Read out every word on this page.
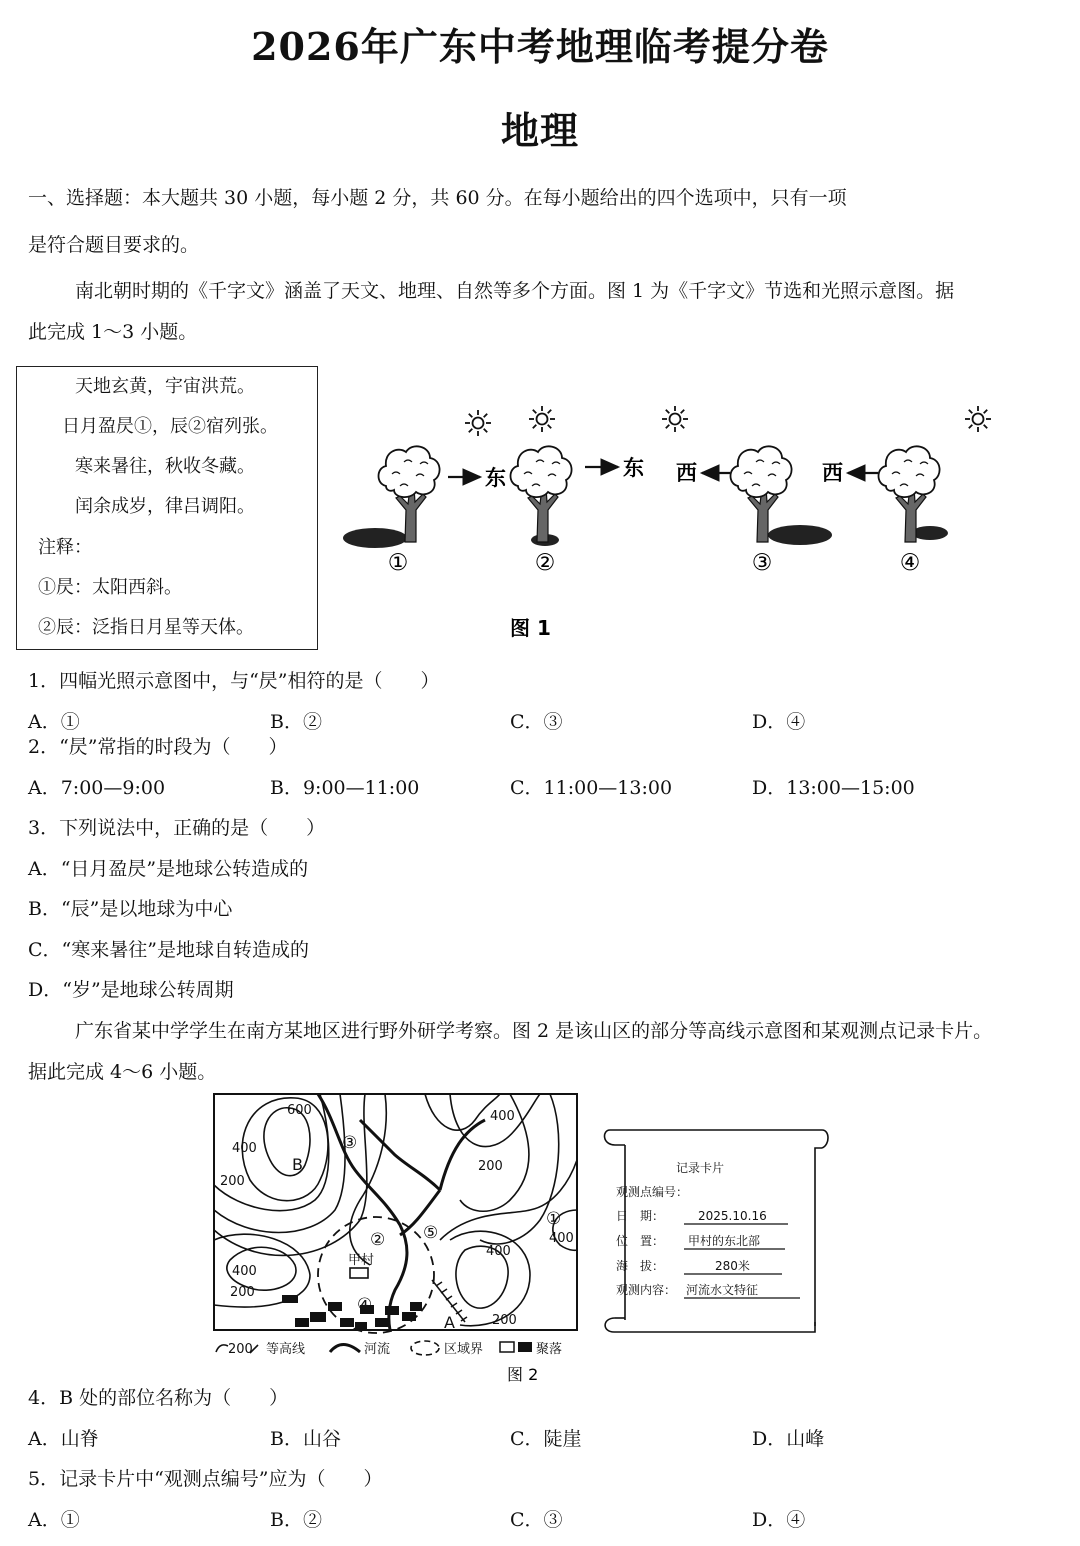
2026年广东中考地理临考提分卷
地理
一、选择题：本大题共 30 小题，每小题 2 分，共 60 分。在每小题给出的四个选项中，只有一项
是符合题目要求的。
南北朝时期的《千字文》涵盖了天文、地理、自然等多个方面。图 1 为《千字文》节选和光照示意图。据
此完成 1～3 小题。
天地玄黄，宇宙洪荒。
日月盈昃①，辰②宿列张。
寒来暑往，秋收冬藏。
闰余成岁，律吕调阳。
注释：
①昃：太阳西斜。
②辰：泛指日月星等天体。
东
①
东
②
西
③
西
④
图 1
1．四幅光照示意图中，与“昃”相符的是（　　）
A．①	B．②	C．③	D．④
2．“昃”常指的时段为（　　）
A．7:00—9:00	B．9:00—11:00	C．11:00—13:00	D．13:00—15:00
3．下列说法中，正确的是（　　）
A．“日月盈昃”是地球公转造成的
B．“辰”是以地球为中心
C．“寒来暑往”是地球自转造成的
D．“岁”是地球公转周期
广东省某中学学生在南方某地区进行野外研学考察。图 2 是该山区的部分等高线示意图和某观测点记录卡片。
据此完成 4～6 小题。
600
400
400
200
200
400
400
400
200
200
①
②
③
④
⑤
B
A
甲村
200 等高线	河流	区域界	聚落
图 2
记录卡片
观测点编号：
日　期：	2025.10.16
位　置： 甲村的东北部
海　拔：	280米
观测内容： 河流水文特征
4．B 处的部位名称为（　　）
A．山脊	B．山谷	C．陡崖	D．山峰
5．记录卡片中“观测点编号”应为（　　）
A．①	B．②	C．③	D．④
